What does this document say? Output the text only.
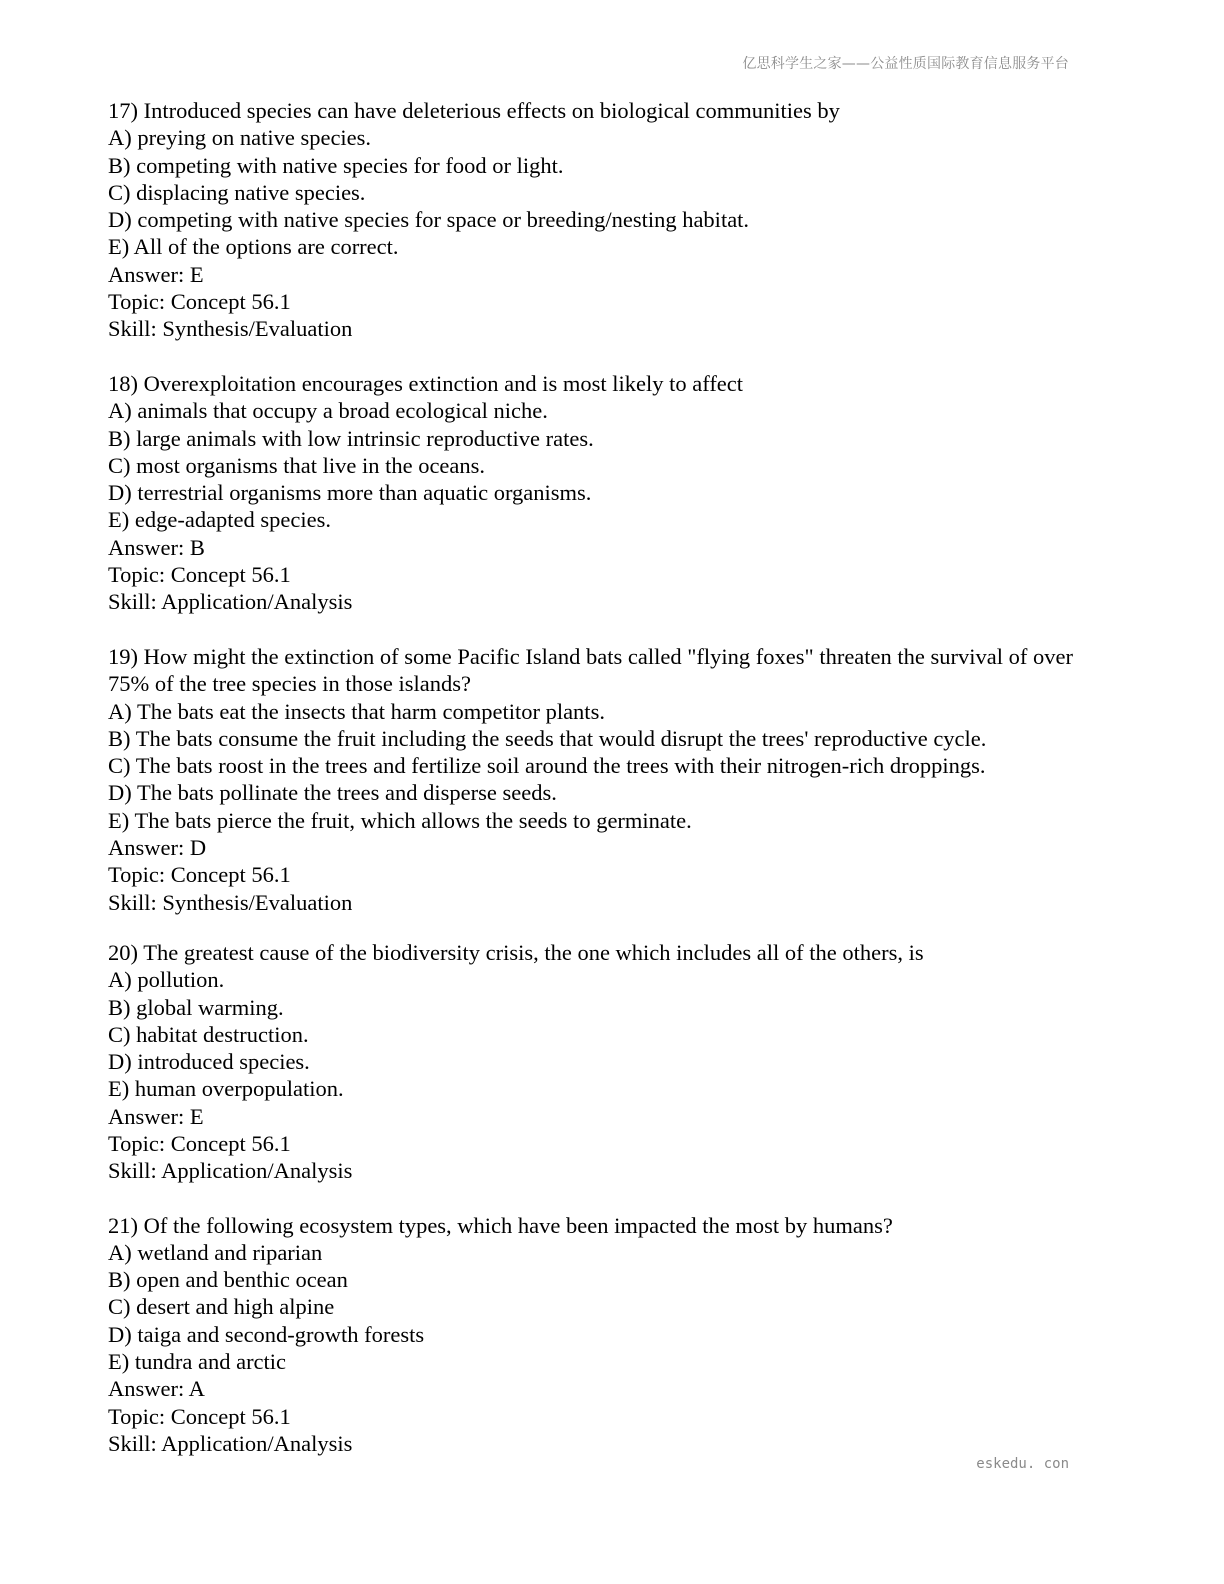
亿思科学生之家——公益性质国际教育信息服务平台
17) Introduced species can have deleterious effects on biological communities by
A) preying on native species.
B) competing with native species for food or light.
C) displacing native species.
D) competing with native species for space or breeding/nesting habitat.
E) All of the options are correct.
Answer: E
Topic: Concept 56.1
Skill: Synthesis/Evaluation
18) Overexploitation encourages extinction and is most likely to affect
A) animals that occupy a broad ecological niche.
B) large animals with low intrinsic reproductive rates.
C) most organisms that live in the oceans.
D) terrestrial organisms more than aquatic organisms.
E) edge-adapted species.
Answer: B
Topic: Concept 56.1
Skill: Application/Analysis
19) How might the extinction of some Pacific Island bats called "flying foxes" threaten the survival of over 75% of the tree species in those islands?
A) The bats eat the insects that harm competitor plants.
B) The bats consume the fruit including the seeds that would disrupt the trees' reproductive cycle.
C) The bats roost in the trees and fertilize soil around the trees with their nitrogen-rich droppings.
D) The bats pollinate the trees and disperse seeds.
E) The bats pierce the fruit, which allows the seeds to germinate.
Answer: D
Topic: Concept 56.1
Skill: Synthesis/Evaluation
20) The greatest cause of the biodiversity crisis, the one which includes all of the others, is
A) pollution.
B) global warming.
C) habitat destruction.
D) introduced species.
E) human overpopulation.
Answer: E
Topic: Concept 56.1
Skill: Application/Analysis
21) Of the following ecosystem types, which have been impacted the most by humans?
A) wetland and riparian
B) open and benthic ocean
C) desert and high alpine
D) taiga and second-growth forests
E) tundra and arctic
Answer: A
Topic: Concept 56.1
Skill: Application/Analysis
eskedu. con
